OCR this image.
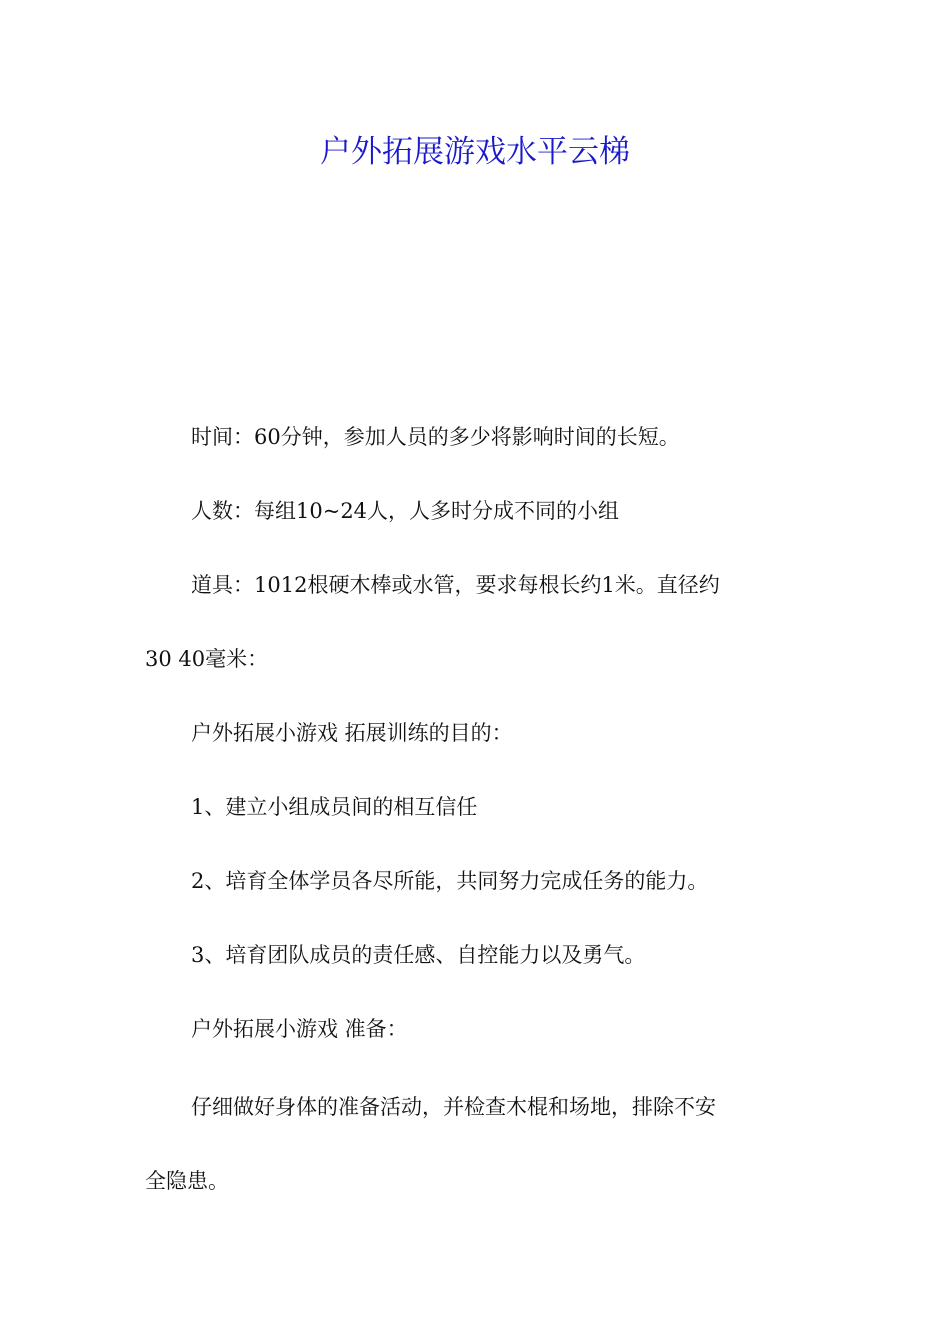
户外拓展游戏水平云梯

时间：60分钟，参加人员的多少将影响时间的长短。

人数：每组10~24人，人多时分成不同的小组

道具：1012根硬木棒或水管，要求每根长约1米。直径约
30 40毫米：

户外拓展小游戏 拓展训练的目的：

1、建立小组成员间的相互信任

2、培育全体学员各尽所能，共同努力完成任务的能力。

3、培育团队成员的责任感、自控能力以及勇气。

户外拓展小游戏 准备：

仔细做好身体的准备活动，并检查木棍和场地，排除不安
全隐患。
